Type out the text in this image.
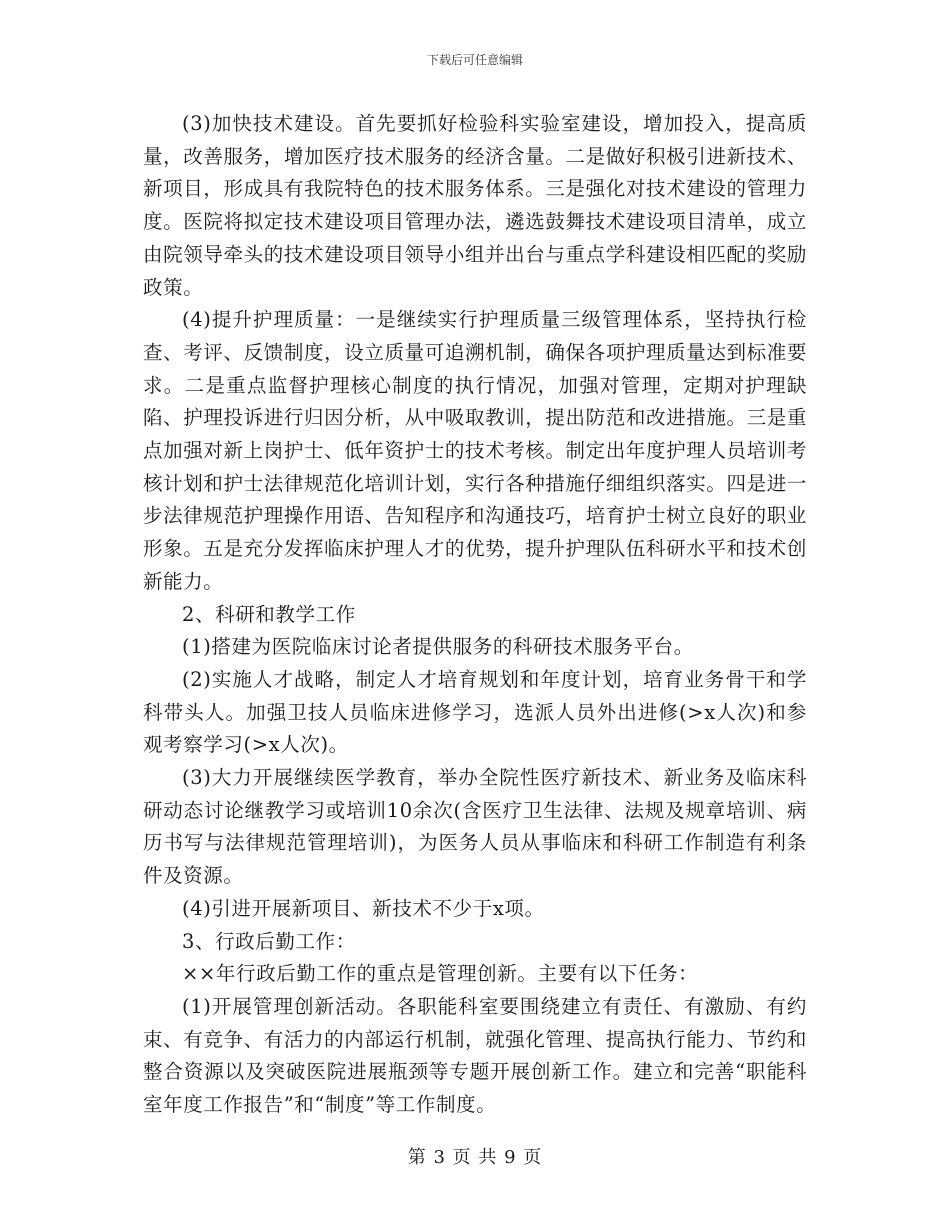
下载后可任意编辑

(3)加快技术建设。首先要抓好检验科实验室建设，增加投入，提高质量，改善服务，增加医疗技术服务的经济含量。二是做好积极引进新技术、新项目，形成具有我院特色的技术服务体系。三是强化对技术建设的管理力度。医院将拟定技术建设项目管理办法，遴选鼓舞技术建设项目清单，成立由院领导牵头的技术建设项目领导小组并出台与重点学科建设相匹配的奖励政策。

(4)提升护理质量：一是继续实行护理质量三级管理体系，坚持执行检查、考评、反馈制度，设立质量可追溯机制，确保各项护理质量达到标准要求。二是重点监督护理核心制度的执行情况，加强对管理，定期对护理缺陷、护理投诉进行归因分析，从中吸取教训，提出防范和改进措施。三是重点加强对新上岗护士、低年资护士的技术考核。制定出年度护理人员培训考核计划和护士法律规范化培训计划，实行各种措施仔细组织落实。四是进一步法律规范护理操作用语、告知程序和沟通技巧，培育护士树立良好的职业形象。五是充分发挥临床护理人才的优势，提升护理队伍科研水平和技术创新能力。

2、科研和教学工作

(1)搭建为医院临床讨论者提供服务的科研技术服务平台。

(2)实施人才战略，制定人才培育规划和年度计划，培育业务骨干和学科带头人。加强卫技人员临床进修学习，选派人员外出进修(>x人次)和参观考察学习(>x人次)。

(3)大力开展继续医学教育，举办全院性医疗新技术、新业务及临床科研动态讨论继教学习或培训10余次(含医疗卫生法律、法规及规章培训、病历书写与法律规范管理培训)，为医务人员从事临床和科研工作制造有利条件及资源。

(4)引进开展新项目、新技术不少于x项。

3、行政后勤工作：

××年行政后勤工作的重点是管理创新。主要有以下任务：

(1)开展管理创新活动。各职能科室要围绕建立有责任、有激励、有约束、有竞争、有活力的内部运行机制，就强化管理、提高执行能力、节约和整合资源以及突破医院进展瓶颈等专题开展创新工作。建立和完善“职能科室年度工作报告”和“制度”等工作制度。

第 3 页 共 9 页
